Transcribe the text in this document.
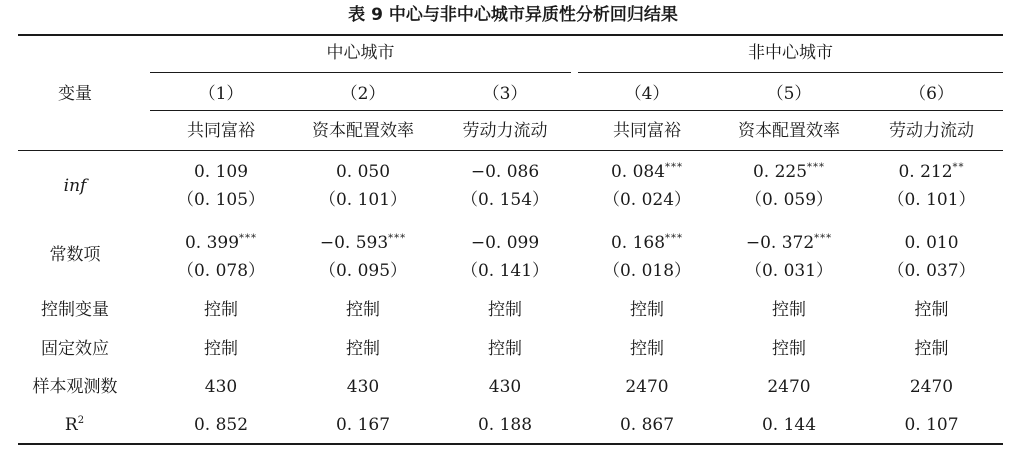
表 9 中心与非中心城市异质性分析回归结果
中心城市	非中心城市
变量	（1）	（2）	（3）	（4）	（5）	（6）
共同富裕	资本配置效率	劳动力流动	共同富裕	资本配置效率	劳动力流动
inf
0. 109	0. 050	−0. 086	0. 084***	0. 225***	0. 212**
（0. 105）	（0. 101）	（0. 154）	（0. 024）	（0. 059）	（0. 101）
常数项
0. 399***	−0. 593***	−0. 099	0. 168***	−0. 372***	0. 010
（0. 078）	（0. 095）	（0. 141）	（0. 018）	（0. 031）	（0. 037）
控制变量	控制	控制	控制	控制	控制	控制
固定效应	控制	控制	控制	控制	控制	控制
样本观测数	430	430	430	2470	2470	2470
$R^2$	0. 852	0. 167	0. 188	0. 867	0. 144	0. 107
